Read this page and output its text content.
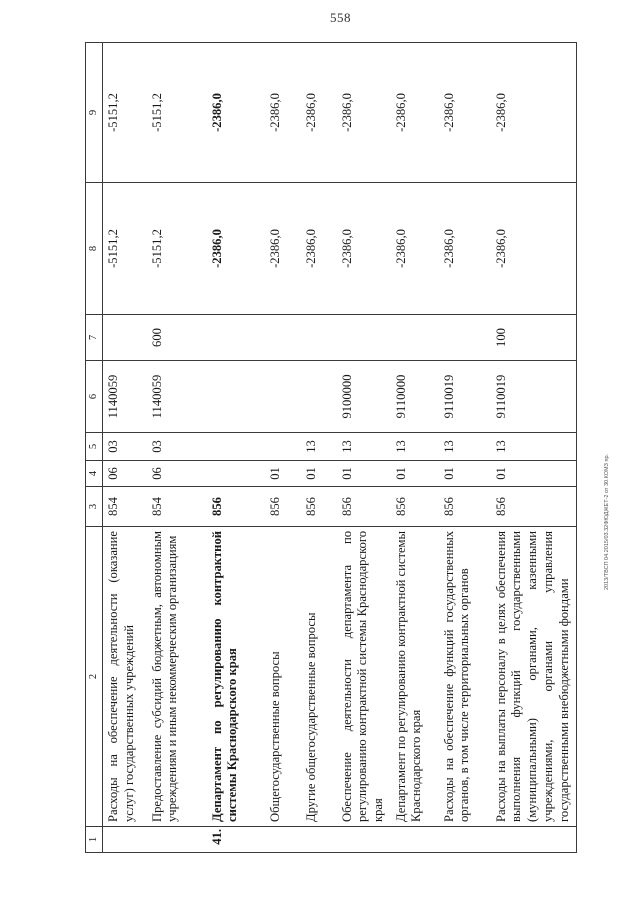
558
2013/ТВСП 04.2015/03.32ФЮДЖЕТ-2 от 30.КОМЗ пр.
1	2	3	4	5	6	7	8	9
	Расходы на обеспечение деятельности (оказание услуг) государственных учреждений	854	06	03	1140059		-5151,2	-5151,2
	Предоставление субсидий бюджетным, автономным учреждениям и иным некоммерческим организациям	854	06	03	1140059	600	-5151,2	-5151,2
41.	Департамент по регулированию контрактной системы Краснодарского края	856					-2386,0	-2386,0
	Общегосударственные вопросы	856	01				-2386,0	-2386,0
	Другие общегосударственные вопросы	856	01	13			-2386,0	-2386,0
	Обеспечение деятельности департамента по регулированию контрактной системы Краснодарского края	856	01	13	9100000		-2386,0	-2386,0
	Департамент по регулированию контрактной системы Краснодарского края	856	01	13	9110000		-2386,0	-2386,0
	Расходы на обеспечение функций государственных органов, в том числе территориальных органов	856	01	13	9110019		-2386,0	-2386,0
	Расходы на выплаты персоналу в целях обеспечения выполнения функций государственными (муниципальными) органами, казенными учреждениями, органами управления государственными внебюджетными фондами	856	01	13	9110019	100	-2386,0	-2386,0
